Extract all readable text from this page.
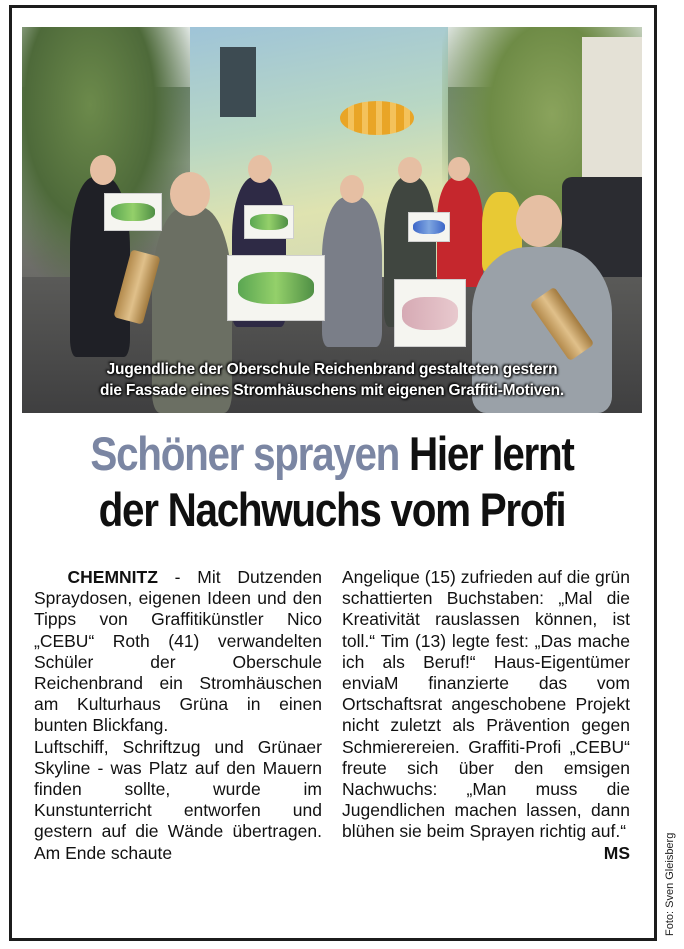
Jugendliche der Oberschule Reichenbrand gestalteten gestern
die Fassade eines Stromhäuschens mit eigenen Graffiti-Motiven.
Schöner sprayen Hier lernt der Nachwuchs vom Profi

CHEMNITZ - Mit Dutzenden Spraydosen, eigenen Ideen und den Tipps von Graffitikünstler Nico „CEBU“ Roth (41) verwandelten Schüler der Oberschule Reichenbrand ein Stromhäuschen am Kulturhaus Grüna in einen bunten Blickfang.

Luftschiff, Schriftzug und Grünaer Skyline - was Platz auf den Mauern finden sollte, wurde im Kunstunterricht entworfen und gestern auf die Wände übertragen. Am Ende schaute

Angelique (15) zufrieden auf die grün schattierten Buchstaben: „Mal die Kreativität rauslassen können, ist toll.“ Tim (13) legte fest: „Das mache ich als Beruf!“ Haus-Eigentümer enviaM finanzierte das vom Ortschaftsrat angeschobene Projekt nicht zuletzt als Prävention gegen Schmierereien. Graffiti-Profi „CEBU“ freute sich über den emsigen Nachwuchs: „Man muss die Jugendlichen machen lassen, dann blühen sie beim Sprayen richtig auf.“
MS	Foto: Sven Gleisberg
